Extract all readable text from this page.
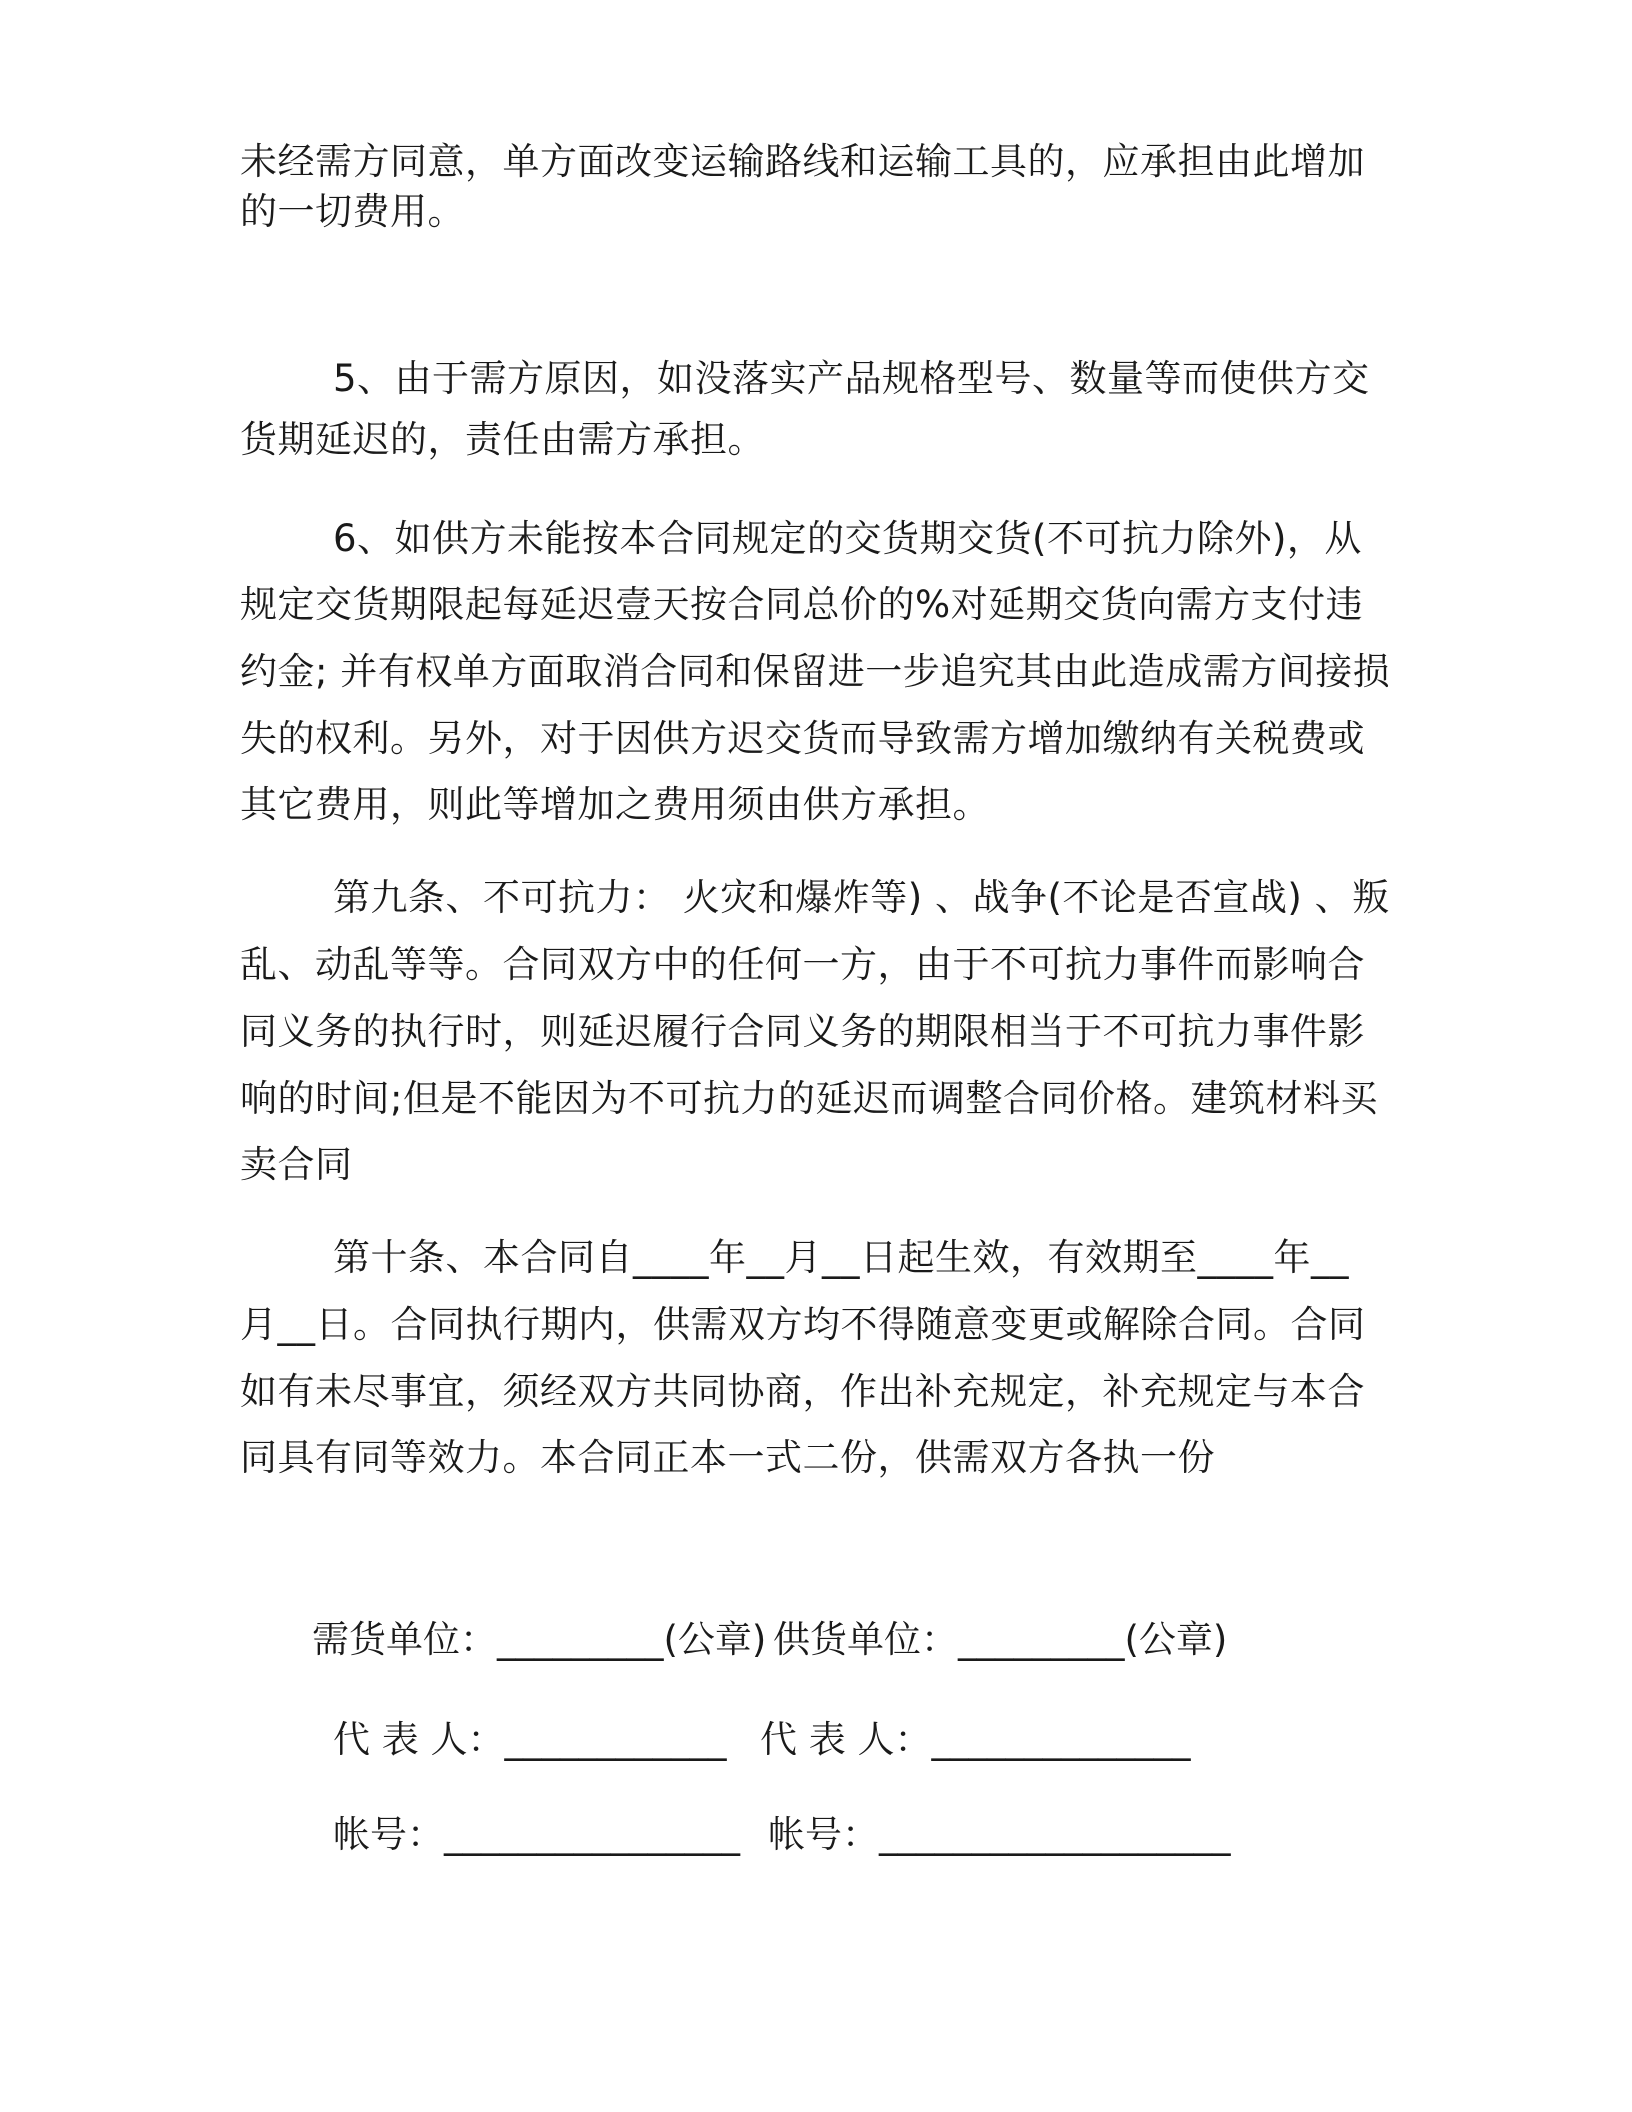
未经需方同意，单方面改变运输路线和运输工具的，应承担由此增加
的一切费用。
5、由于需方原因，如没落实产品规格型号、数量等而使供方交
货期延迟的，责任由需方承担。
6、如供方未能按本合同规定的交货期交货(不可抗力除外)，从
规定交货期限起每延迟壹天按合同总价的%对延期交货向需方支付违
约金; 并有权单方面取消合同和保留进一步追究其由此造成需方间接损
失的权利。另外，对于因供方迟交货而导致需方增加缴纳有关税费或
其它费用，则此等增加之费用须由供方承担。
第九条、不可抗力： 火灾和爆炸等) 、战争(不论是否宣战) 、叛
乱、动乱等等。合同双方中的任何一方，由于不可抗力事件而影响合
同义务的执行时，则延迟履行合同义务的期限相当于不可抗力事件影
响的时间;但是不能因为不可抗力的延迟而调整合同价格。建筑材料买
卖合同
第十条、本合同自____年__月__日起生效，有效期至____年__
月__日。合同执行期内，供需双方均不得随意变更或解除合同。合同
如有未尽事宜，须经双方共同协商，作出补充规定，补充规定与本合
同具有同等效力。本合同正本一式二份，供需双方各执一份
需货单位：_________(公章) 供货单位：_________(公章)
代 表 人：____________ 代 表 人：______________
帐号：________________ 帐号：___________________
